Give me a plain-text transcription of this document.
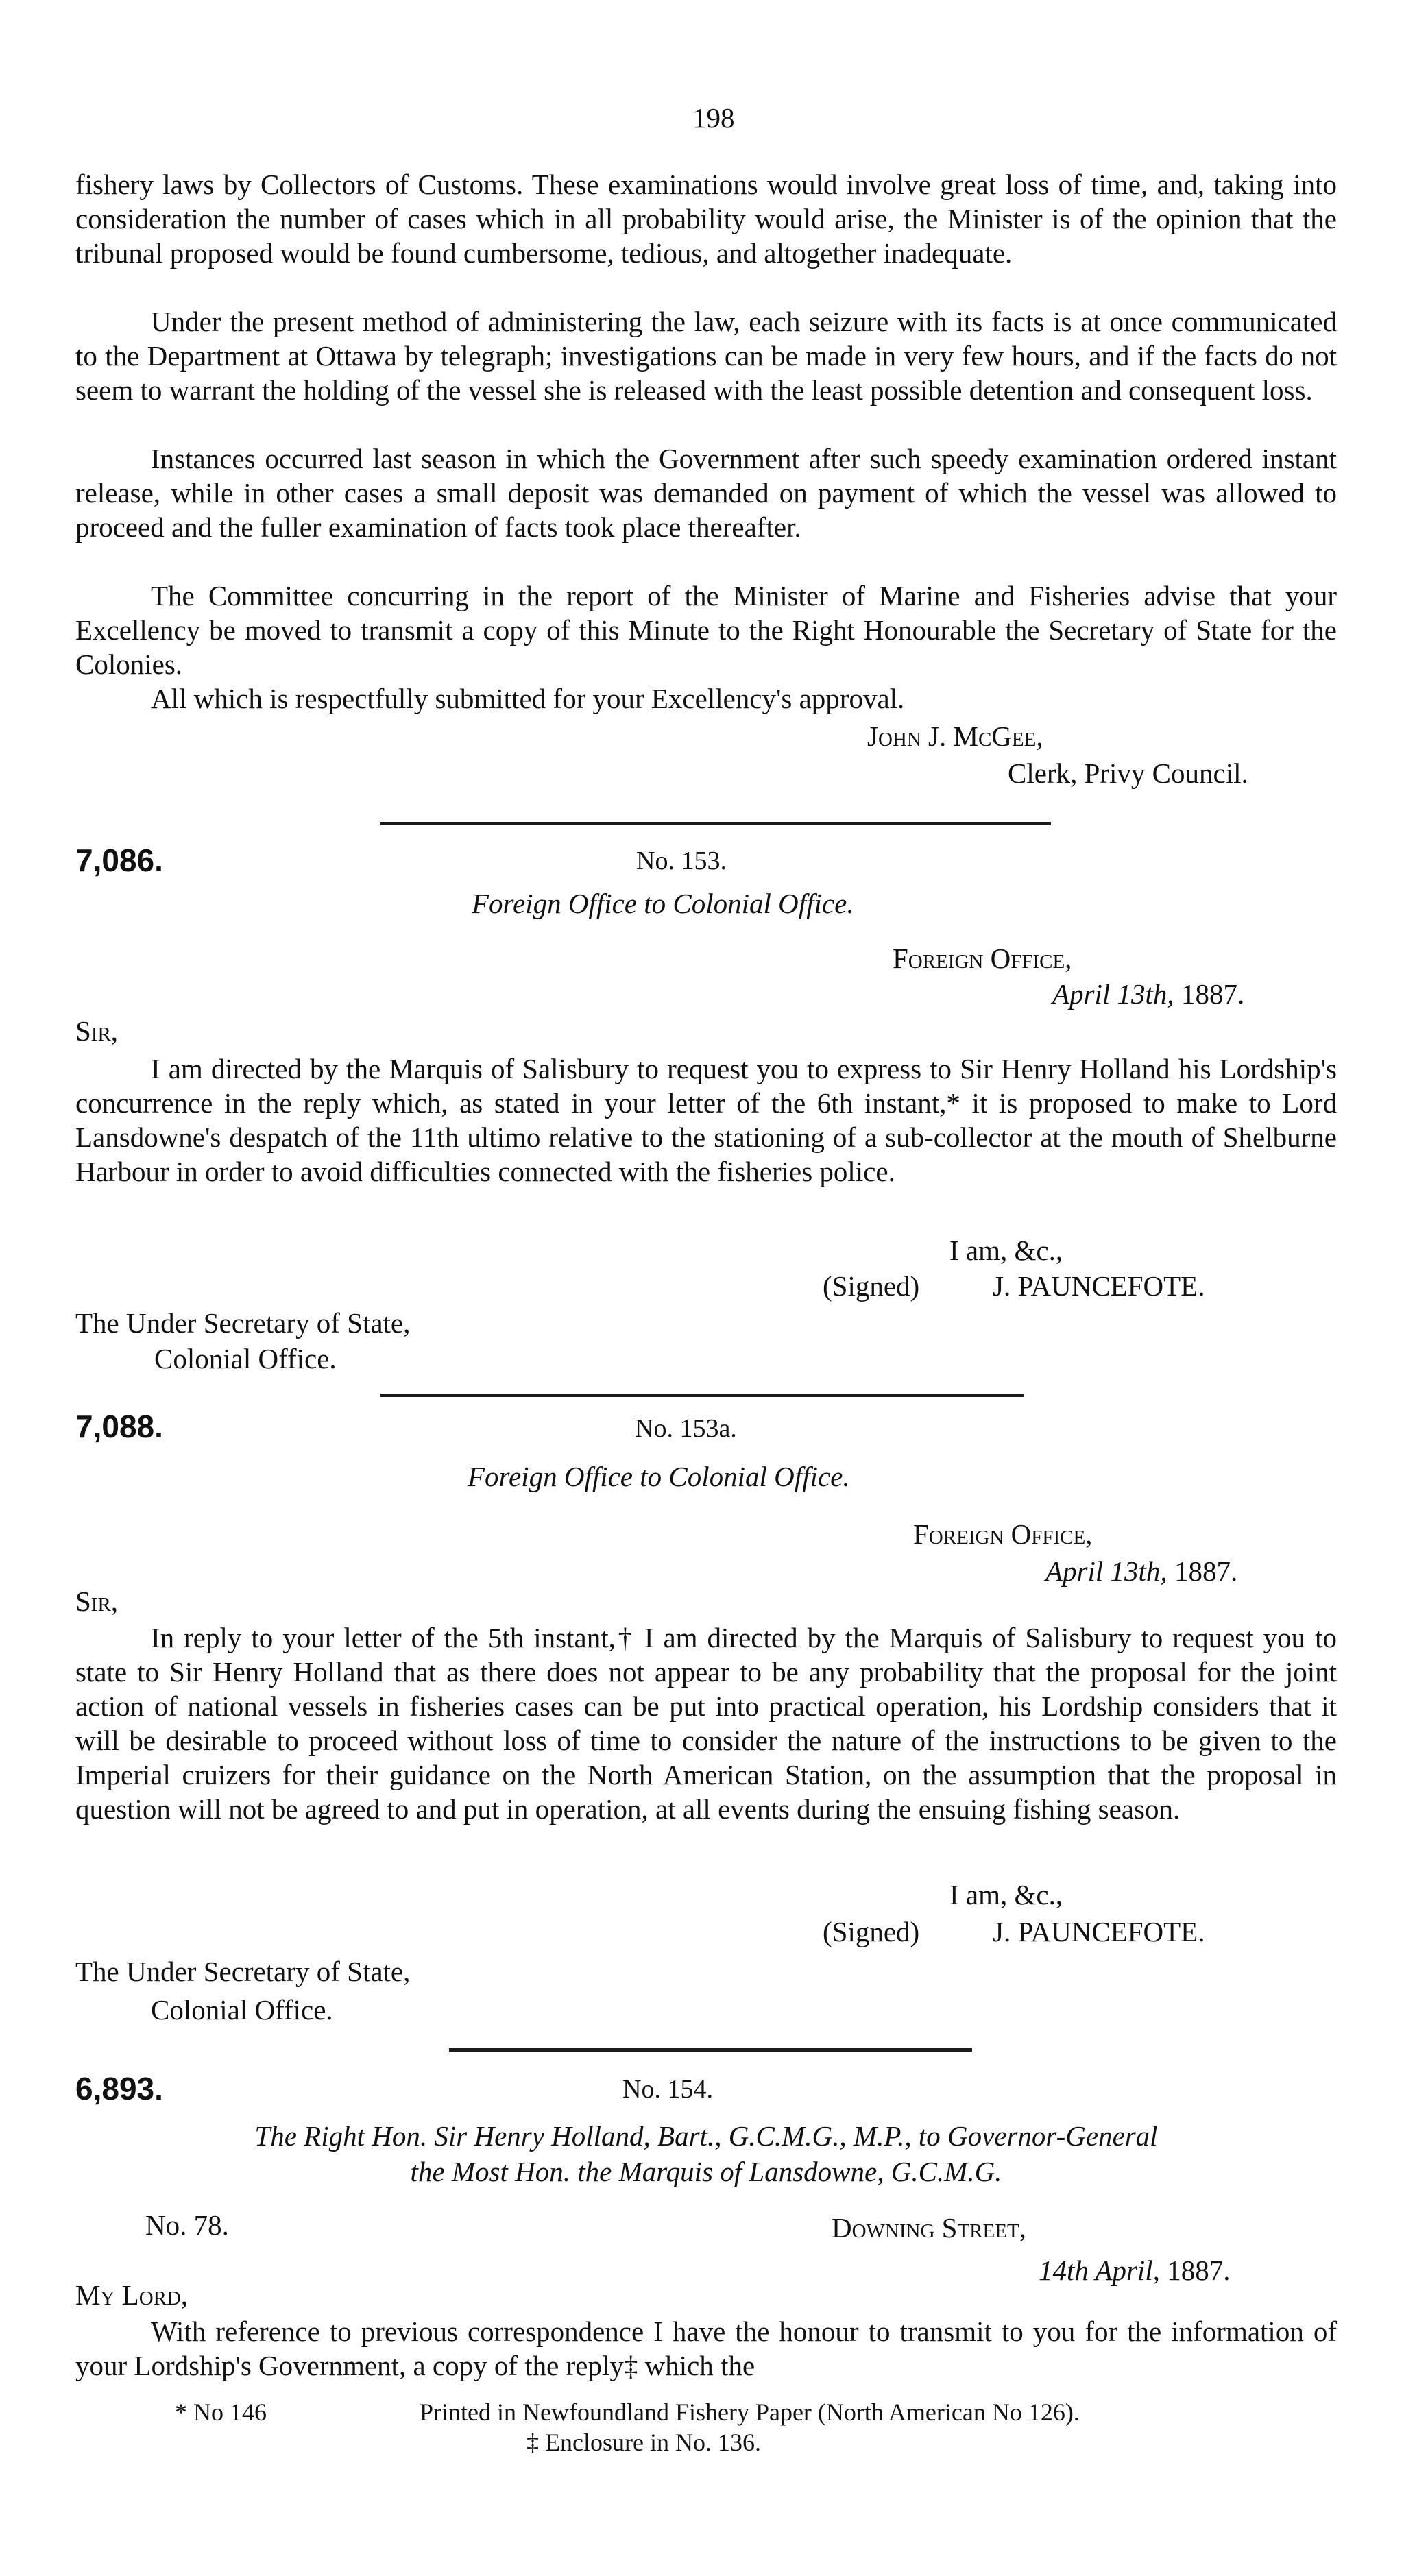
198
fishery laws by Collectors of Customs. These examinations would involve great loss of time, and, taking into consideration the number of cases which in all probability would arise, the Minister is of the opinion that the tribunal proposed would be found cumbersome, tedious, and altogether inadequate.
Under the present method of administering the law, each seizure with its facts is at once communicated to the Department at Ottawa by telegraph; investigations can be made in very few hours, and if the facts do not seem to warrant the holding of the vessel she is released with the least possible detention and consequent loss.
Instances occurred last season in which the Government after such speedy examination ordered instant release, while in other cases a small deposit was demanded on payment of which the vessel was allowed to proceed and the fuller examination of facts took place thereafter.
The Committee concurring in the report of the Minister of Marine and Fisheries advise that your Excellency be moved to transmit a copy of this Minute to the Right Honourable the Secretary of State for the Colonies.
All which is respectfully submitted for your Excellency's approval.
John J. McGee,
Clerk, Privy Council.
7,086.	No. 153.
Foreign Office to Colonial Office.
Foreign Office,
April 13th, 1887.
Sir,
I am directed by the Marquis of Salisbury to request you to express to Sir Henry Holland his Lordship's concurrence in the reply which, as stated in your letter of the 6th instant,* it is proposed to make to Lord Lansdowne's despatch of the 11th ultimo relative to the stationing of a sub-collector at the mouth of Shelburne Harbour in order to avoid difficulties connected with the fisheries police.
I am, &c.,
(Signed)	J. PAUNCEFOTE.
The Under Secretary of State,
Colonial Office.
7,088.	No. 153a.
Foreign Office to Colonial Office.
Foreign Office,
April 13th, 1887.
Sir,
In reply to your letter of the 5th instant,† I am directed by the Marquis of Salisbury to request you to state to Sir Henry Holland that as there does not appear to be any probability that the proposal for the joint action of national vessels in fisheries cases can be put into practical operation, his Lordship considers that it will be desirable to proceed without loss of time to consider the nature of the instructions to be given to the Imperial cruizers for their guidance on the North American Station, on the assumption that the proposal in question will not be agreed to and put in operation, at all events during the ensuing fishing season.
I am, &c.,
(Signed)	J. PAUNCEFOTE.
The Under Secretary of State,
Colonial Office.
6,893.	No. 154.
The Right Hon. Sir Henry Holland, Bart., G.C.M.G., M.P., to Governor-General
the Most Hon. the Marquis of Lansdowne, G.C.M.G.
No. 78.	Downing Street,
14th April, 1887.
My Lord,
With reference to previous correspondence I have the honour to transmit to you for the information of your Lordship's Government, a copy of the reply‡ which the
* No 146	Printed in Newfoundland Fishery Paper (North American No 126).
‡ Enclosure in No. 136.
